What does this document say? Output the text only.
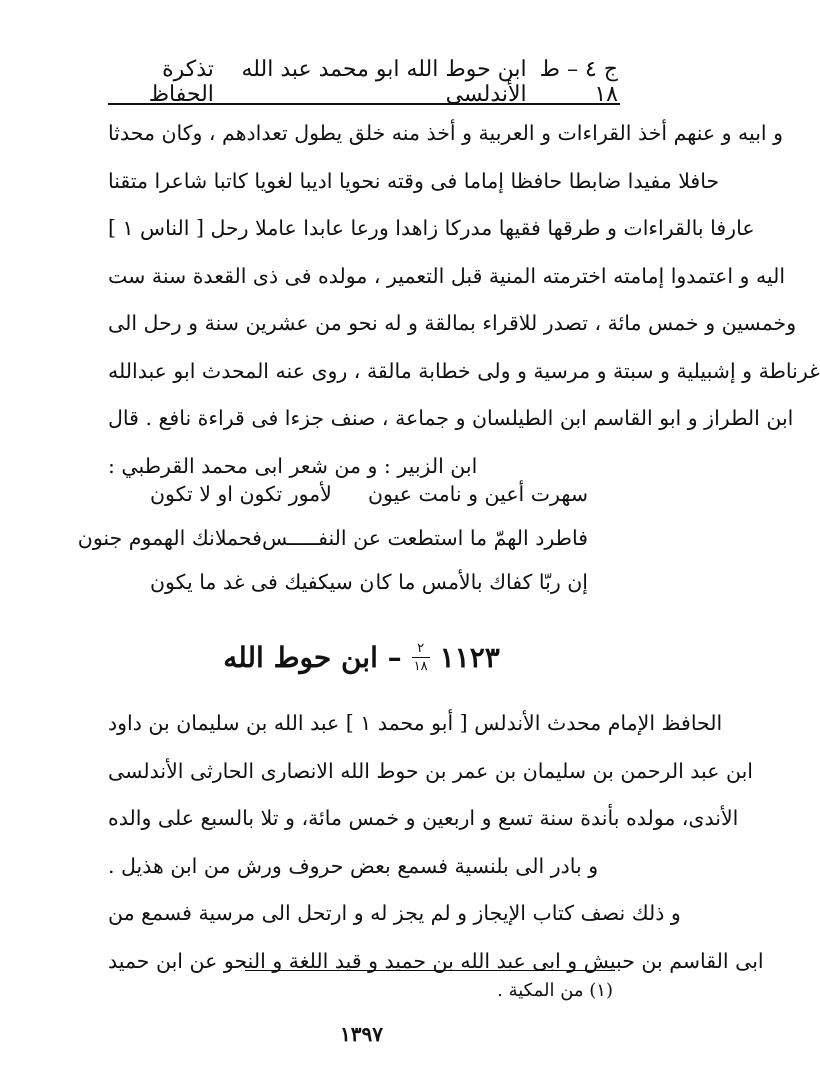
تذكرة الحفاظ
ابن حوط الله ابو محمد عبد الله الأندلسى
ج ٤ – ط ١٨
و ابيه و عنهم أخذ القراءات و العربية و أخذ منه خلق يطول تعدادهم ، وكان محدثا
حافلا مفيدا ضابطا حافظا إماما فى وقته نحويا اديبا لغويا كاتبا شاعرا متقنا
عارفا بالقراءات و طرقها فقيها مدركا زاهدا ورعا عابدا عاملا رحل [ الناس ١ ]
اليه و اعتمدوا إمامته اخترمته المنية قبل التعمير ، مولده فى ذى القعدة سنة ست
وخمسين و خمس مائة ، تصدر للاقراء بمالقة و له نحو من عشرين سنة و رحل الى
غرناطة و إشبيلية و سبتة و مرسية و ولى خطابة مالقة ، روى عنه المحدث ابو عبدالله
ابن الطراز و ابو القاسم ابن الطيلسان و جماعة ، صنف جزءا فى قراءة نافع . قال
ابن الزبير : و من شعر ابى محمد القرطبي :
سهرت أعين و نامت عيون
لأمور تكون او لا تكون
فاطرد الهمّ ما استطعت عن النفـــــس
فحملانك الهموم جنون
إن ربّا كفاك بالأمس ما كا
ن سيكفيك فى غد ما يكون
١١٢٣
$\frac{٢}{١٨}$
– ابن حوط الله
الحافظ الإمام محدث الأندلس [ أبو محمد ١ ] عبد الله بن سليمان بن داود
ابن عبد الرحمن بن سليمان بن عمر بن حوط الله الانصارى الحارثى الأندلسى
الأندى، مولده بأندة سنة تسع و اربعين و خمس مائة، و تلا بالسبع على والده
و بادر الى بلنسية فسمع بعض حروف ورش من ابن هذيل .
و ذلك نصف كتاب الإيجاز و لم يجز له و ارتحل الى مرسية فسمع من
ابى القاسم بن حبيش و ابى عبد الله بن حميد و قيد اللغة و النحو عن ابن حميد
(١) من المكية .
١٣٩٧
